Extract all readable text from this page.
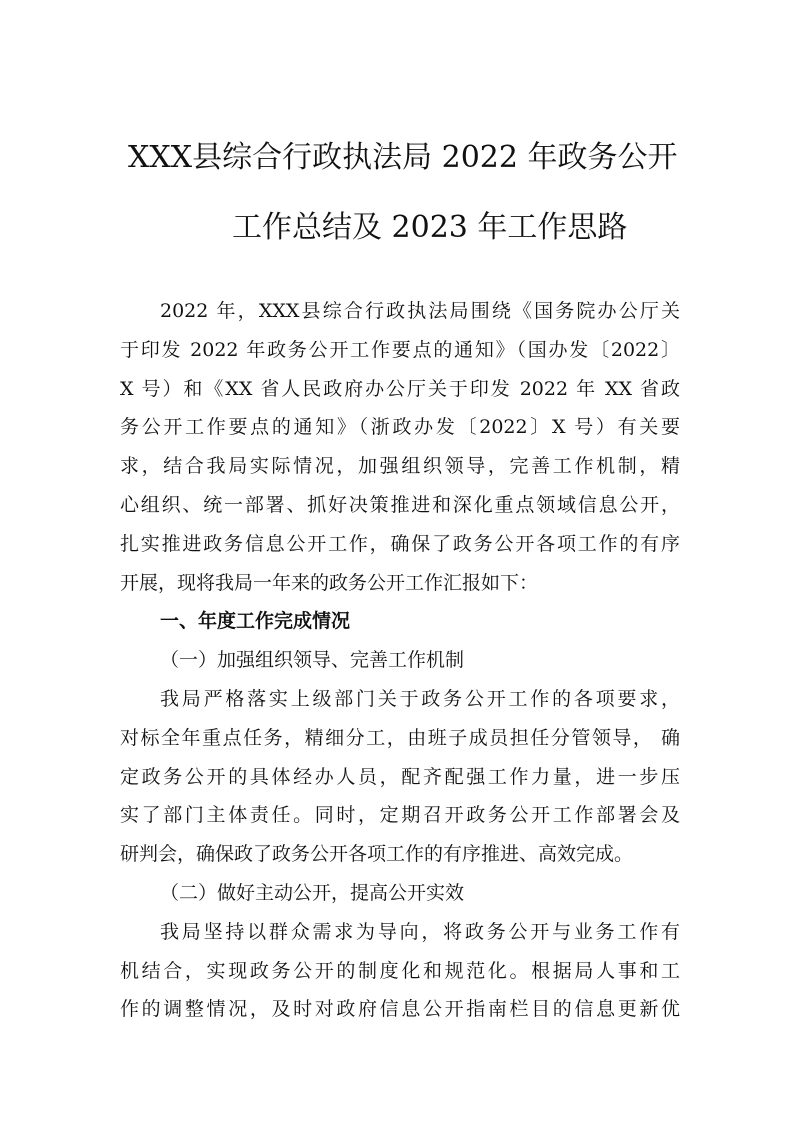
XXX县综合行政执法局 2022 年政务公开
工作总结及 2023 年工作思路
2022 年，XXX县综合行政执法局围绕《国务院办公厅关
于印发 2022 年政务公开工作要点的通知》（国办发〔2022〕
X 号）和《XX 省人民政府办公厅关于印发 2022 年 XX 省政
务公开工作要点的通知》（浙政办发〔2022〕X 号）有关要
求，结合我局实际情况，加强组织领导，完善工作机制，精
心组织、统一部署、抓好决策推进和深化重点领域信息公开，
扎实推进政务信息公开工作，确保了政务公开各项工作的有序
开展，现将我局一年来的政务公开工作汇报如下：
一、年度工作完成情况
（一）加强组织领导、完善工作机制
我局严格落实上级部门关于政务公开工作的各项要求，
对标全年重点任务，精细分工，由班子成员担任分管领导， 确
定政务公开的具体经办人员，配齐配强工作力量，进一步压
实了部门主体责任。同时，定期召开政务公开工作部署会及
研判会，确保政了政务公开各项工作的有序推进、高效完成。
（二）做好主动公开，提高公开实效
我局坚持以群众需求为导向，将政务公开与业务工作有
机结合，实现政务公开的制度化和规范化。根据局人事和工
作的调整情况，及时对政府信息公开指南栏目的信息更新优
